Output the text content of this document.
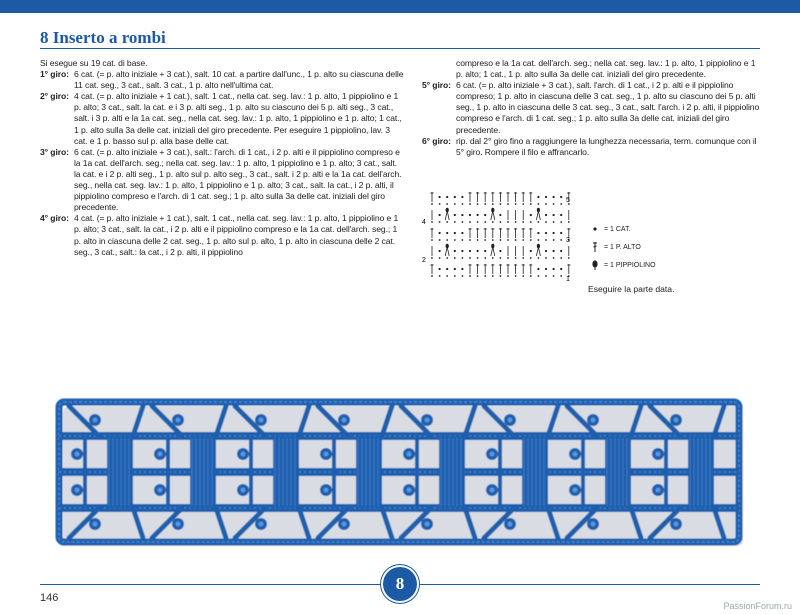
8 Inserto a rombi
Si esegue su 19 cat. di base.
1° giro: 6 cat. (= p. alto iniziale + 3 cat.), salt. 10 cat. a partire dall'unc., 1 p. alto su ciascuna delle 11 cat. seg., 3 cat., salt. 3 cat., 1 p. alto nell'ultima cat.
2° giro: 4 cat. (= p. alto iniziale + 1 cat.), salt. 1 cat., nella cat. seg. lav.: 1 p. alto, 1 pippiolino e 1 p. alto; 3 cat., salt. la cat. e i 3 p. alti seg., 1 p. alto su ciascuno dei 5 p. alti seg., 3 cat., salt. i 3 p. alti e la 1a cat. seg., nella cat. seg. lav.: 1 p. alto, 1 pippiolino e 1 p. alto; 1 cat., 1 p. alto sulla 3a delle cat. iniziali del giro precedente. Per eseguire 1 pippiolino, lav. 3 cat. e 1 p. basso sul p. alla base delle cat.
3° giro: 6 cat. (= p. alto iniziale + 3 cat.), salt.: l'arch. di 1 cat., i 2 p. alti e il pippiolino compreso e la 1a cat. dell'arch. seg.; nella cat. seg. lav.: 1 p. alto, 1 pippiolino e 1 p. alto; 3 cat., salt. la cat. e i 2 p. alti seg., 1 p. alto sul p. alto seg., 3 cat., salt. i 2 p. alti e la 1a cat. dell'arch. seg., nella cat. seg. lav.: 1 p. alto, 1 pippiolino e 1 p. alto; 3 cat., salt. la cat., i 2 p. alti, il pippiolino compreso e l'arch. di 1 cat. seg.; 1 p. alto sulla 3a delle cat. iniziali del giro precedente.
4° giro: 4 cat. (= p. alto iniziale + 1 cat.), salt. 1 cat., nella cat. seg. lav.: 1 p. alto, 1 pippiolino e 1 p. alto; 3 cat., salt. la cat., i 2 p. alti e il pippiolino compreso e la 1a cat. dell'arch. seg.; 1 p. alto in ciascuna delle 2 cat. seg., 1 p. alto sul p. alto, 1 p. alto in ciascuna delle 2 cat. seg., 3 cat., salt.: la cat., i 2 p. alti, il pippiolino
compreso e la 1a cat. dell'arch. seg.; nella cat. seg. lav.: 1 p. alto, 1 pippiolino e 1 p. alto; 1 cat., 1 p. alto sulla 3a delle cat. iniziali del giro precedente.
5° giro: 6 cat. (= p. alto iniziale + 3 cat.), salt. l'arch. di 1 cat., i 2 p. alti e il pippiolino compreso; 1 p. alto in ciascuna delle 3 cat. seg., 1 p. alto su ciascuno dei 5 p. alti seg., 1 p. alto in ciascuna delle 3 cat. seg., 3 cat., salt. l'arch. i 2 p. alti, il pippiolino compreso e l'arch. di 1 cat. seg.; 1 p. alto sulla 3a delle cat. iniziali del giro precedente.
6° giro: rip. dal 2° giro fino a raggiungere la lunghezza necessaria, term. comunque con il 5° giro. Rompere il filo e affrancarlo.
4
2
5
3
1
= 1 CAT.
= 1 P. ALTO
= 1 PIPPIOLINO
Eseguire la parte data.
8
146
PassionForum.ru
